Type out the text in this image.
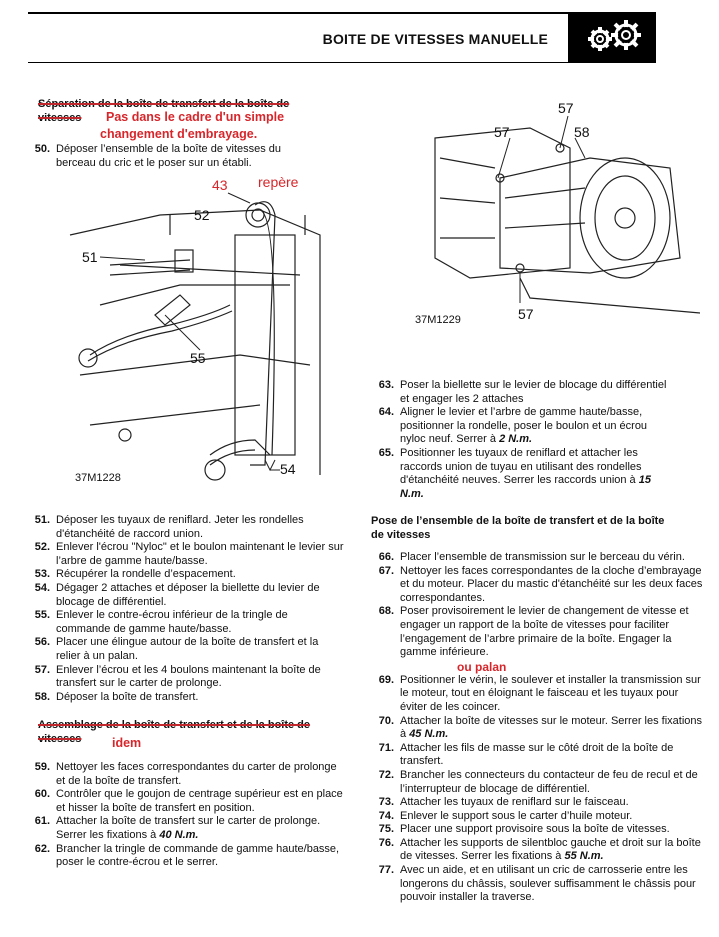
BOITE DE VITESSES MANUELLE
Séparation de la boîte de transfert de la boîte de vitesses	Pas dans le cadre d'un simple
changement d'embrayage.
50. Déposer l’ensemble de la boîte de vitesses du berceau du cric et le poser sur un établi.
43 repère
52
51
55
54
37M1228
51. Déposer les tuyaux de reniflard. Jeter les rondelles d'étanchéité de raccord union.
52. Enlever l'écrou "Nyloc" et le boulon maintenant le levier sur l’arbre de gamme haute/basse.
53. Récupérer la rondelle d’espacement.
54. Dégager 2 attaches et déposer la biellette du levier de blocage de différentiel.
55. Enlever le contre-écrou inférieur de la tringle de commande de gamme haute/basse.
56. Placer une élingue autour de la boîte de transfert et la relier à un palan.
57. Enlever l’écrou et les 4 boulons maintenant la boîte de transfert sur le carter de prolonge.
58. Déposer la boîte de transfert.
Assemblage de la boîte de transfert et de la boîte de vitesses	idem
59. Nettoyer les faces correspondantes du carter de prolonge et de la boîte de transfert.
60. Contrôler que le goujon de centrage supérieur est en place et hisser la boîte de transfert en position.
61. Attacher la boîte de transfert sur le carter de prolonge. Serrer les fixations à 40 N.m.
62. Brancher la tringle de commande de gamme haute/basse, poser le contre-écrou et le serrer.
57
57	58
57
37M1229
63. Poser la biellette sur le levier de blocage du différentiel et engager les 2 attaches
64. Aligner le levier et l’arbre de gamme haute/basse, positionner la rondelle, poser le boulon et un écrou nyloc neuf. Serrer à 2 N.m.
65. Positionner les tuyaux de reniflard et attacher les raccords union de tuyau en utilisant des rondelles d'étanchéité neuves. Serrer les raccords union à 15 N.m.
Pose de l’ensemble de la boîte de transfert et de la boîte de vitesses
66. Placer l’ensemble de transmission sur le berceau du vérin.
67. Nettoyer les faces correspondantes de la cloche d’embrayage et du moteur. Placer du mastic d'étanchéité sur les deux faces correspondantes.
68. Poser provisoirement le levier de changement de vitesse et engager un rapport de la boîte de vitesses pour faciliter l’engagement de l’arbre primaire de la boîte. Engager la gamme inférieure.
69. Positionner le vérin, le soulever et installer la transmission sur le moteur, tout en éloignant le faisceau et les tuyaux pour éviter de les coincer.
70. Attacher la boîte de vitesses sur le moteur. Serrer les fixations à 45 N.m.
71. Attacher les fils de masse sur le côté droit de la boîte de transfert.
72. Brancher les connecteurs du contacteur de feu de recul et de l’interrupteur de blocage de différentiel.
73. Attacher les tuyaux de reniflard sur le faisceau.
74. Enlever le support sous le carter d’huile moteur.
75. Placer une support provisoire sous la boîte de vitesses.
76. Attacher les supports de silentbloc gauche et droit sur la boîte de vitesses. Serrer les fixations à 55 N.m.
77. Avec un aide, et en utilisant un cric de carrosserie entre les longerons du châssis, soulever suffisamment le châssis pour pouvoir installer la traverse.
ou palan
